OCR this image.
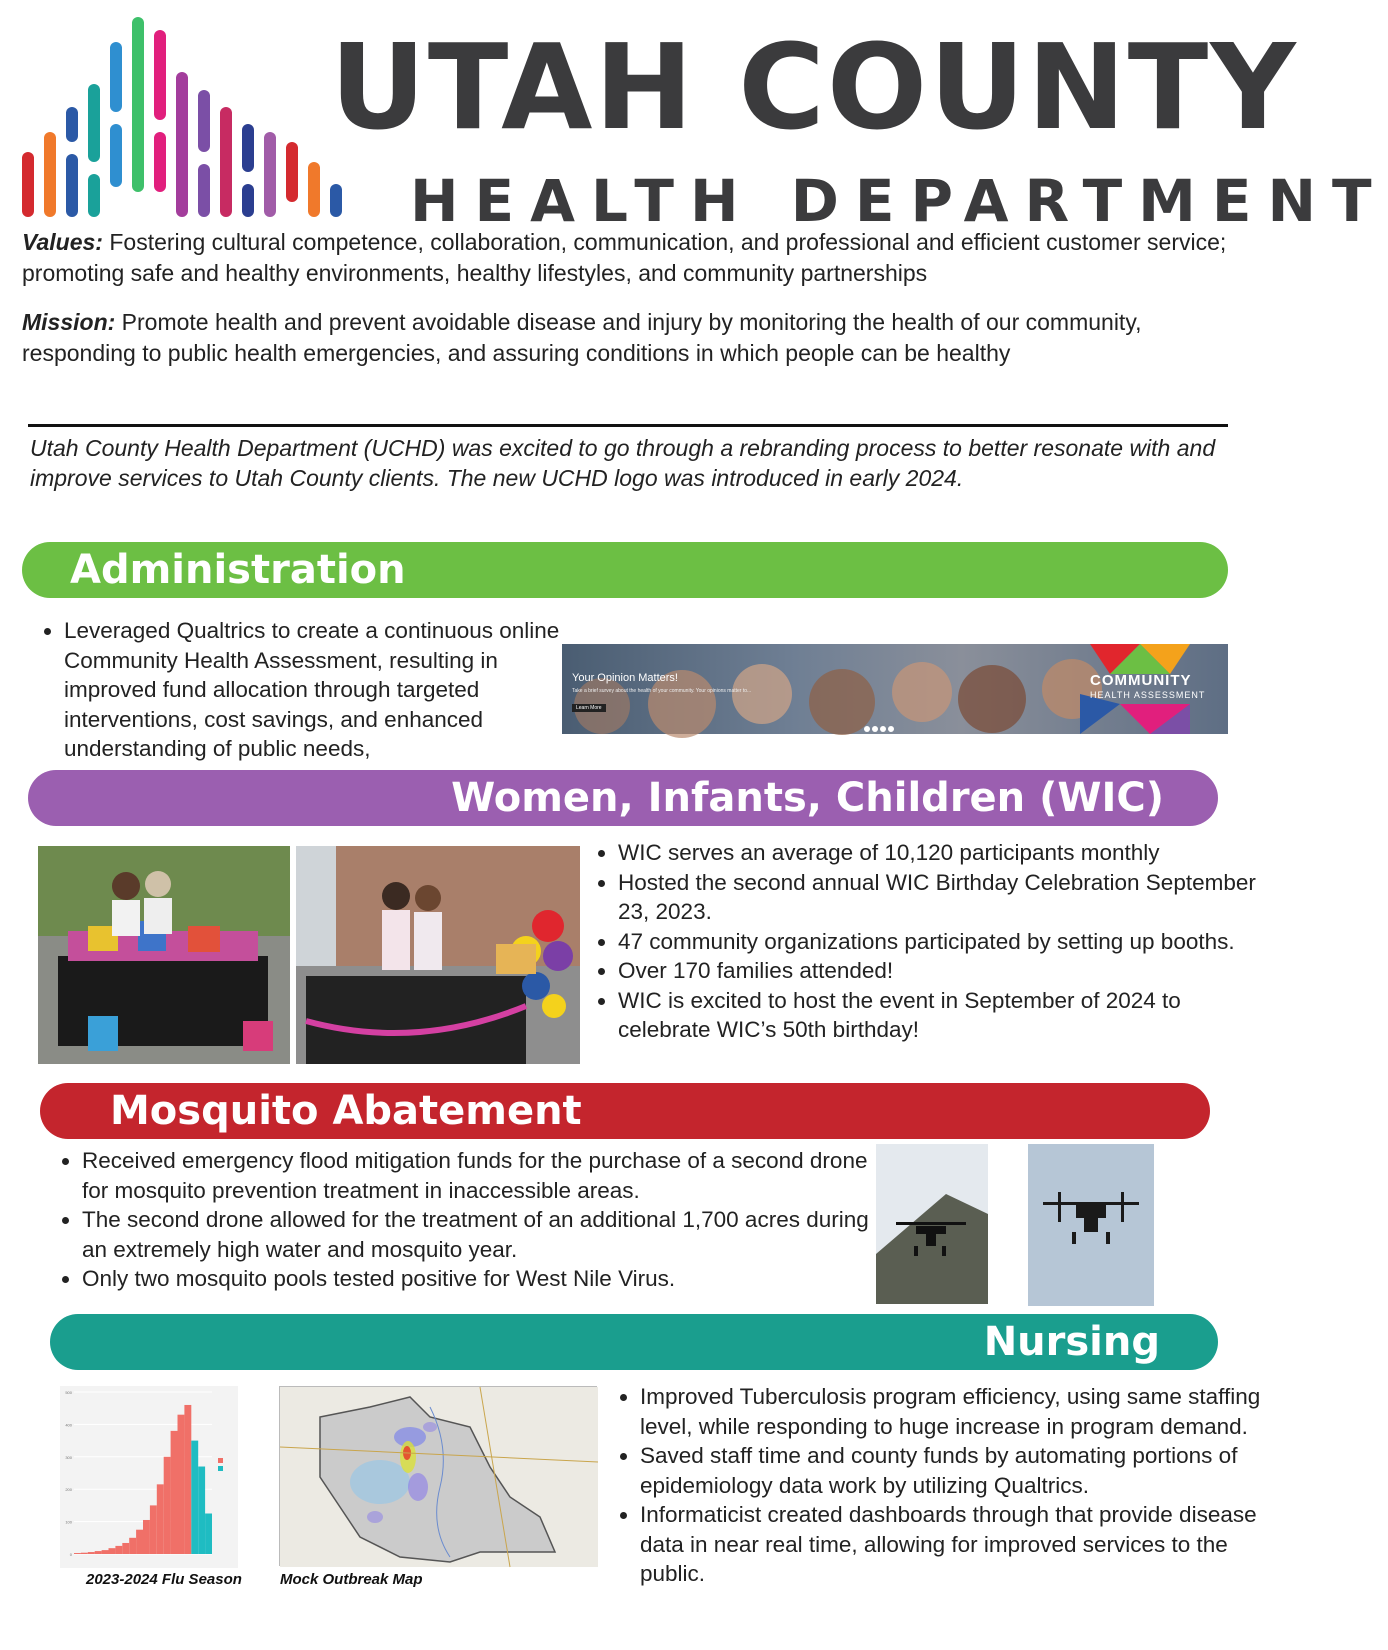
UTAH COUNTY
HEALTH DEPARTMENT
Values: Fostering cultural competence, collaboration, communication, and professional and efficient customer service; promoting safe and healthy environments, healthy lifestyles, and community partnerships
Mission: Promote health and prevent avoidable disease and injury by monitoring the health of our community, responding to public health emergencies, and assuring conditions in which people can be healthy
Utah County Health Department (UCHD) was excited to go through a rebranding process to better resonate with and improve services to Utah County clients. The new UCHD logo was introduced in early 2024.
Administration
• Leveraged Qualtrics to create a continuous online Community Health Assessment, resulting in improved fund allocation through targeted interventions, cost savings, and enhanced understanding of public needs,
Your Opinion Matters!
Take a brief survey about the health of your community. Your opinions matter to...
Learn More
COMMUNITY
HEALTH ASSESSMENT
Women, Infants, Children (WIC)
• WIC serves an average of 10,120 participants monthly
• Hosted the second annual WIC Birthday Celebration September 23, 2023.
• 47 community organizations participated by setting up booths.
• Over 170 families attended!
• WIC is excited to host the event in September of 2024 to celebrate WIC’s 50th birthday!
Mosquito Abatement
• Received emergency flood mitigation funds for the purchase of a second drone for mosquito prevention treatment in inaccessible areas.
• The second drone allowed for the treatment of an additional 1,700 acres during an extremely high water and mosquito year.
• Only two mosquito pools tested positive for West Nile Virus.
Nursing
0
100
200
300
400
500
2023-2024 Flu Season	Mock Outbreak Map
• Improved Tuberculosis program efficiency, using same staffing level, while responding to huge increase in program demand.
• Saved staff time and county funds by automating portions of epidemiology data work by utilizing Qualtrics.
• Informaticist created dashboards through that provide disease data in near real time, allowing for improved services to the public.
